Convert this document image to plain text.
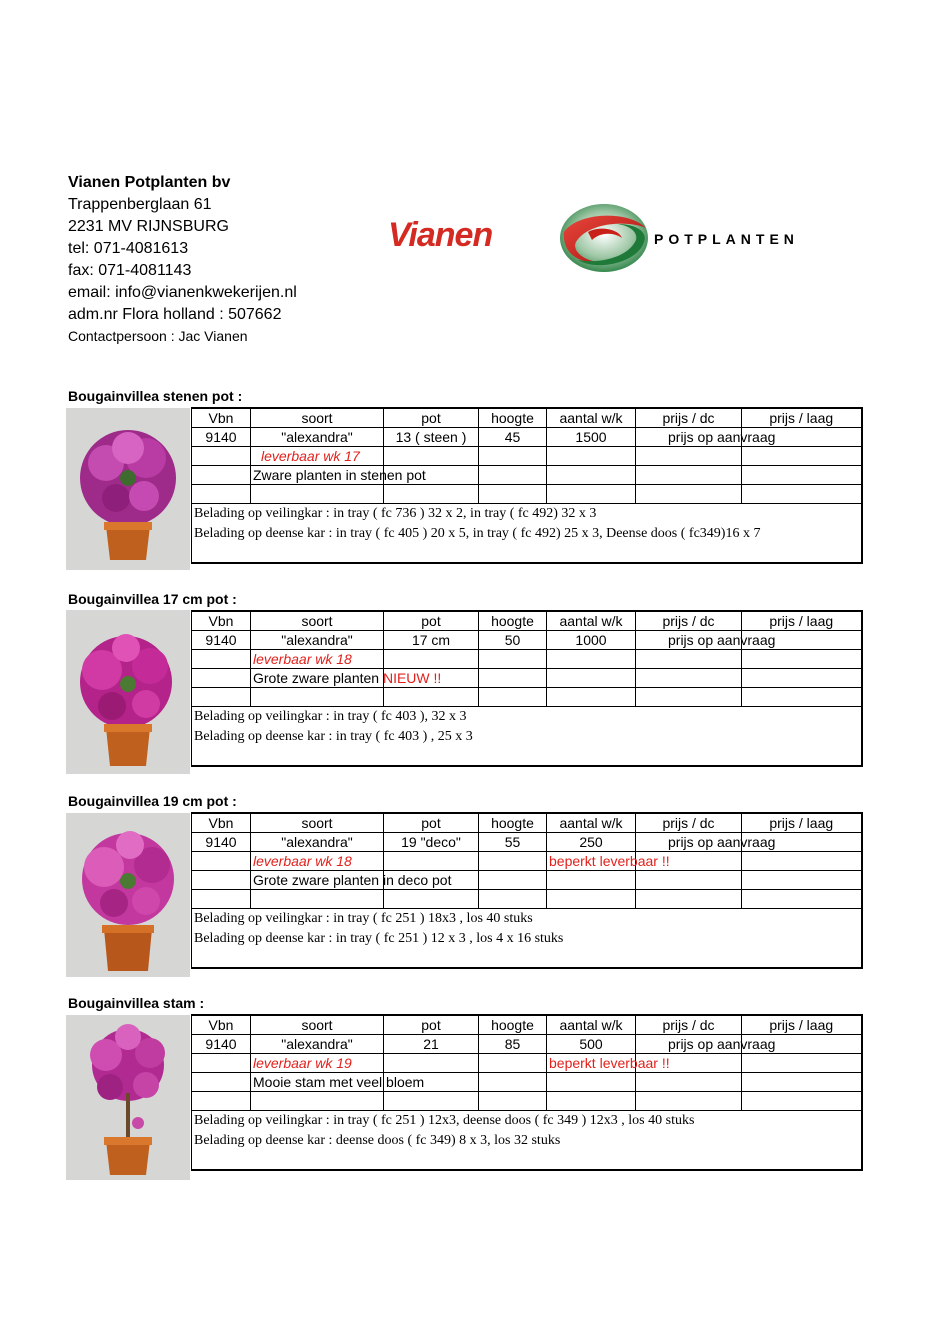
Vianen Potplanten bv
Trappenberglaan 61
2231 MV RIJNSBURG
tel: 071-4081613
fax: 071-4081143
email: info@vianenkwekerijen.nl
adm.nr Flora holland : 507662
Contactpersoon : Jac Vianen
Vianen	POTPLANTEN
Bougainvillea stenen pot :
Vbn	soort	pot	hoogte	aantal w/k	prijs / dc	prijs / laag
9140	"alexandra"	13 ( steen )	45	1500	prijs op aanvraag	
	leverbaar wk 17					
	Zware planten in stenen pot					

Belading op veilingkar : in tray ( fc 736 ) 32 x 2, in tray ( fc 492) 32 x 3
Belading op deense kar : in tray ( fc 405 ) 20 x 5, in tray ( fc 492) 25 x 3, Deense doos ( fc349)16 x 7						
Bougainvillea 17 cm pot :
Vbn	soort	pot	hoogte	aantal w/k	prijs / dc	prijs / laag
9140	"alexandra"	17 cm	50	1000	prijs op aanvraag	
	leverbaar wk 18					
	Grote zware planten NIEUW !!					

Belading op veilingkar : in tray ( fc 403 ), 32 x 3
Belading op deense kar : in tray ( fc 403 ) , 25 x 3						
Bougainvillea 19 cm pot :
Vbn	soort	pot	hoogte	aantal w/k	prijs / dc	prijs / laag
9140	"alexandra"	19 "deco"	55	250	prijs op aanvraag	
	leverbaar wk 18			beperkt leverbaar !!		
	Grote zware planten in deco pot					

Belading op veilingkar : in tray ( fc 251 ) 18x3 , los 40 stuks
Belading op deense kar : in tray ( fc 251 ) 12 x 3 , los 4 x 16 stuks						
Bougainvillea stam :
Vbn	soort	pot	hoogte	aantal w/k	prijs / dc	prijs / laag
9140	"alexandra"	21	85	500	prijs op aanvraag	
	leverbaar wk 19			beperkt leverbaar !!		
	Mooie stam met veel bloem					

Belading op veilingkar : in tray ( fc 251 ) 12x3, deense doos ( fc 349 ) 12x3 , los 40 stuks
Belading op deense kar : deense doos ( fc 349) 8 x 3, los 32 stuks						
